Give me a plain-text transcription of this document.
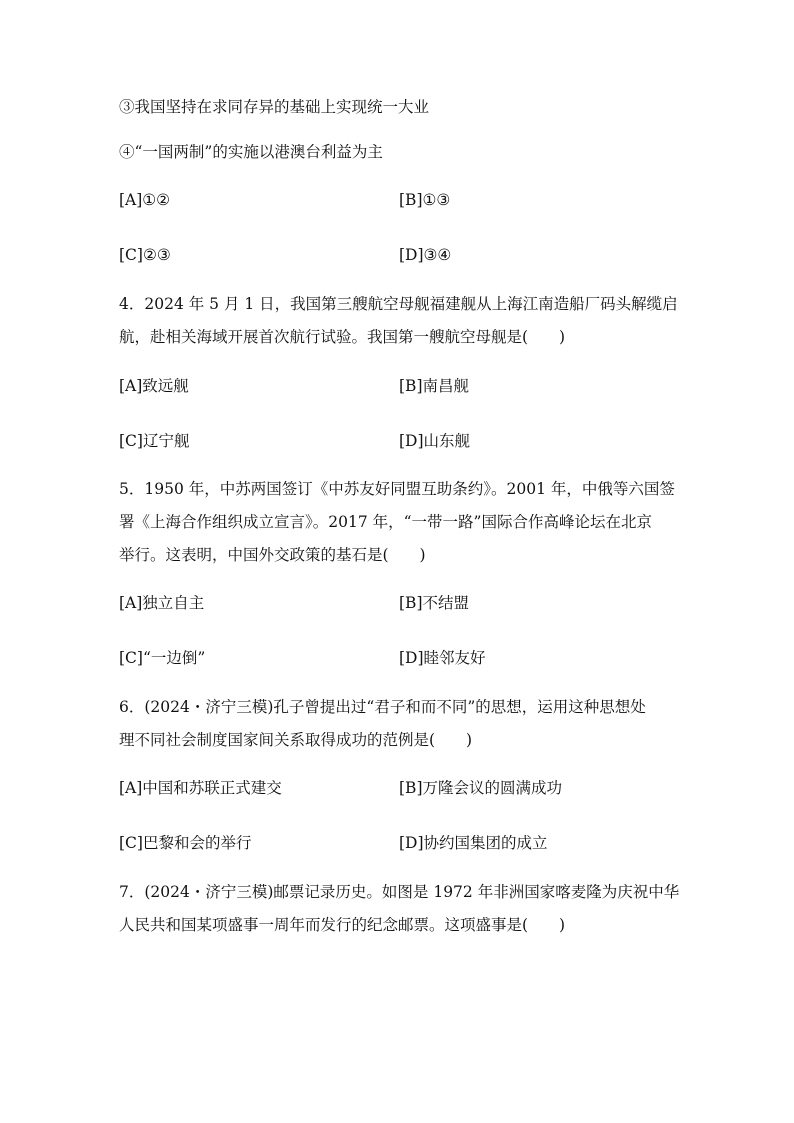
③我国坚持在求同存异的基础上实现统一大业

④“一国两制”的实施以港澳台利益为主

[A]①②	[B]①③

[C]②③	[D]③④

4．2024 年 5 月 1 日，我国第三艘航空母舰福建舰从上海江南造船厂码头解缆启

航，赴相关海域开展首次航行试验。我国第一艘航空母舰是(　　)

[A]致远舰	[B]南昌舰

[C]辽宁舰	[D]山东舰

5．1950 年，中苏两国签订《中苏友好同盟互助条约》。2001 年，中俄等六国签

署《上海合作组织成立宣言》。2017 年，“一带一路”国际合作高峰论坛在北京

举行。这表明，中国外交政策的基石是(　　)

[A]独立自主	[B]不结盟

[C]“一边倒”	[D]睦邻友好

6．(2024・济宁三模)孔子曾提出过“君子和而不同”的思想，运用这种思想处

理不同社会制度国家间关系取得成功的范例是(　　)

[A]中国和苏联正式建交	[B]万隆会议的圆满成功

[C]巴黎和会的举行	[D]协约国集团的成立

7．(2024・济宁三模)邮票记录历史。如图是 1972 年非洲国家喀麦隆为庆祝中华

人民共和国某项盛事一周年而发行的纪念邮票。这项盛事是(　　)
